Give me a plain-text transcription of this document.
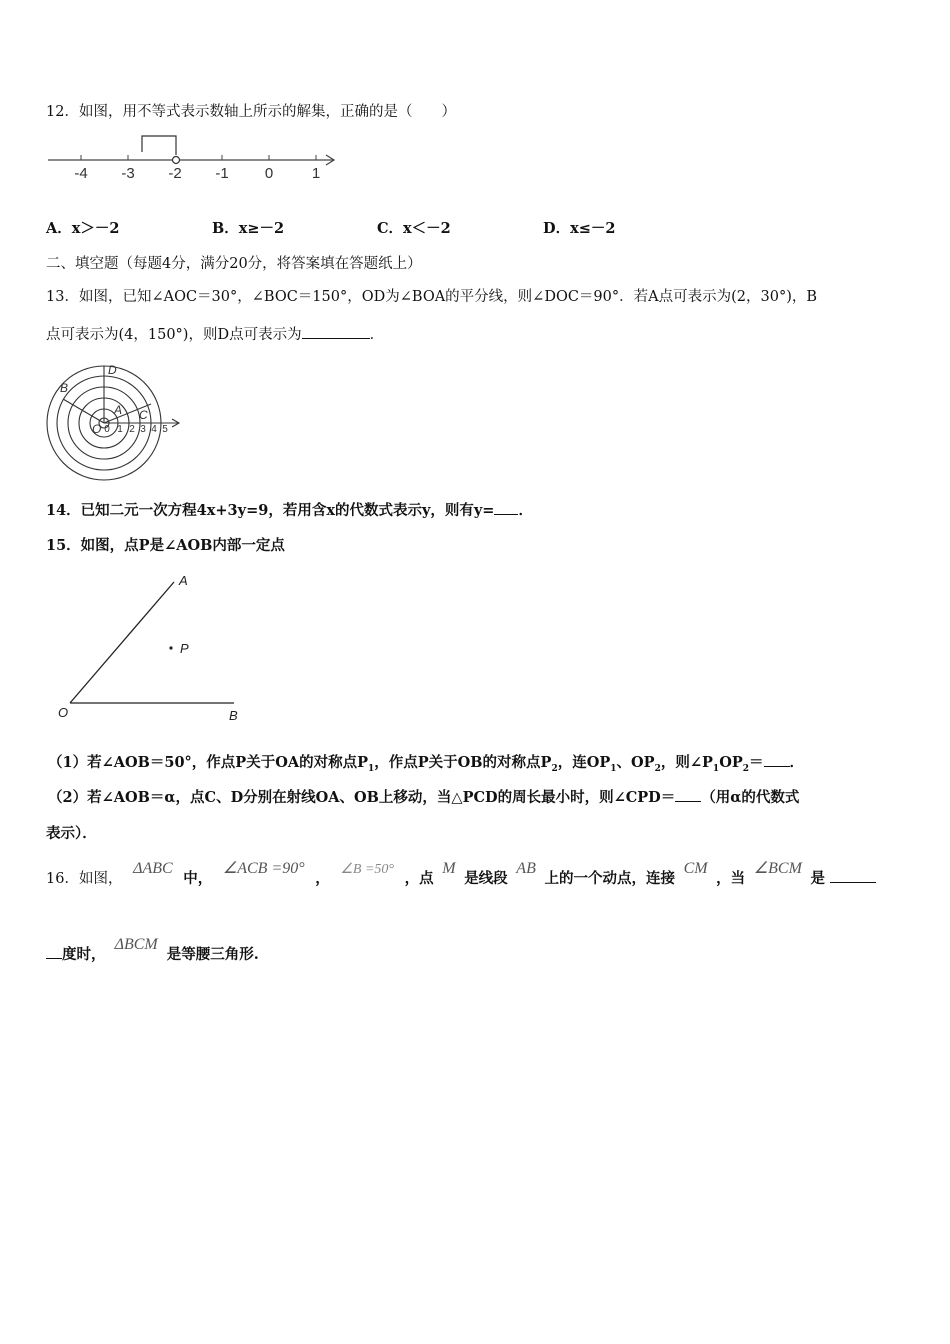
12．如图，用不等式表示数轴上所示的解集，正确的是（　　）
-4 -3 -2 -1 0	1
A．x＞－2	B．x≥－2	C．x＜－2	D．x≤－2
二、填空题（每题4分，满分20分，将答案填在答题纸上）
13．如图，已知∠AOC＝30°，∠BOC＝150°，OD为∠BOA的平分线，则∠DOC＝90°．若A点可表示为(2，30°)，B
点可表示为(4，150°)，则D点可表示为	．
B
D
A C
O 0 1 2 3 4 5
14．已知二元一次方程4x+3y=9，若用含x的代数式表示y，则有y= ．
15．如图，点P是∠AOB内部一定点
A
P
O	B
（1）若∠AOB＝50°，作点P关于OA的对称点$P_1$，作点P关于OB的对称点$P_2$，连$OP_1$、$OP_2$，则$\angle P_1OP_2=$ ．
（2）若∠AOB＝α，点C、D分别在射线OA、OB上移动，当△PCD的周长最小时，则∠CPD＝ （用α的代数式
表示）．
16．如图， ΔABC 中， ∠ACB =90° ， ∠B =50° ，点 M 是线段 AB 上的一个动点，连接 CM ，当 ∠BCM 是
度时， ΔBCM 是等腰三角形.
